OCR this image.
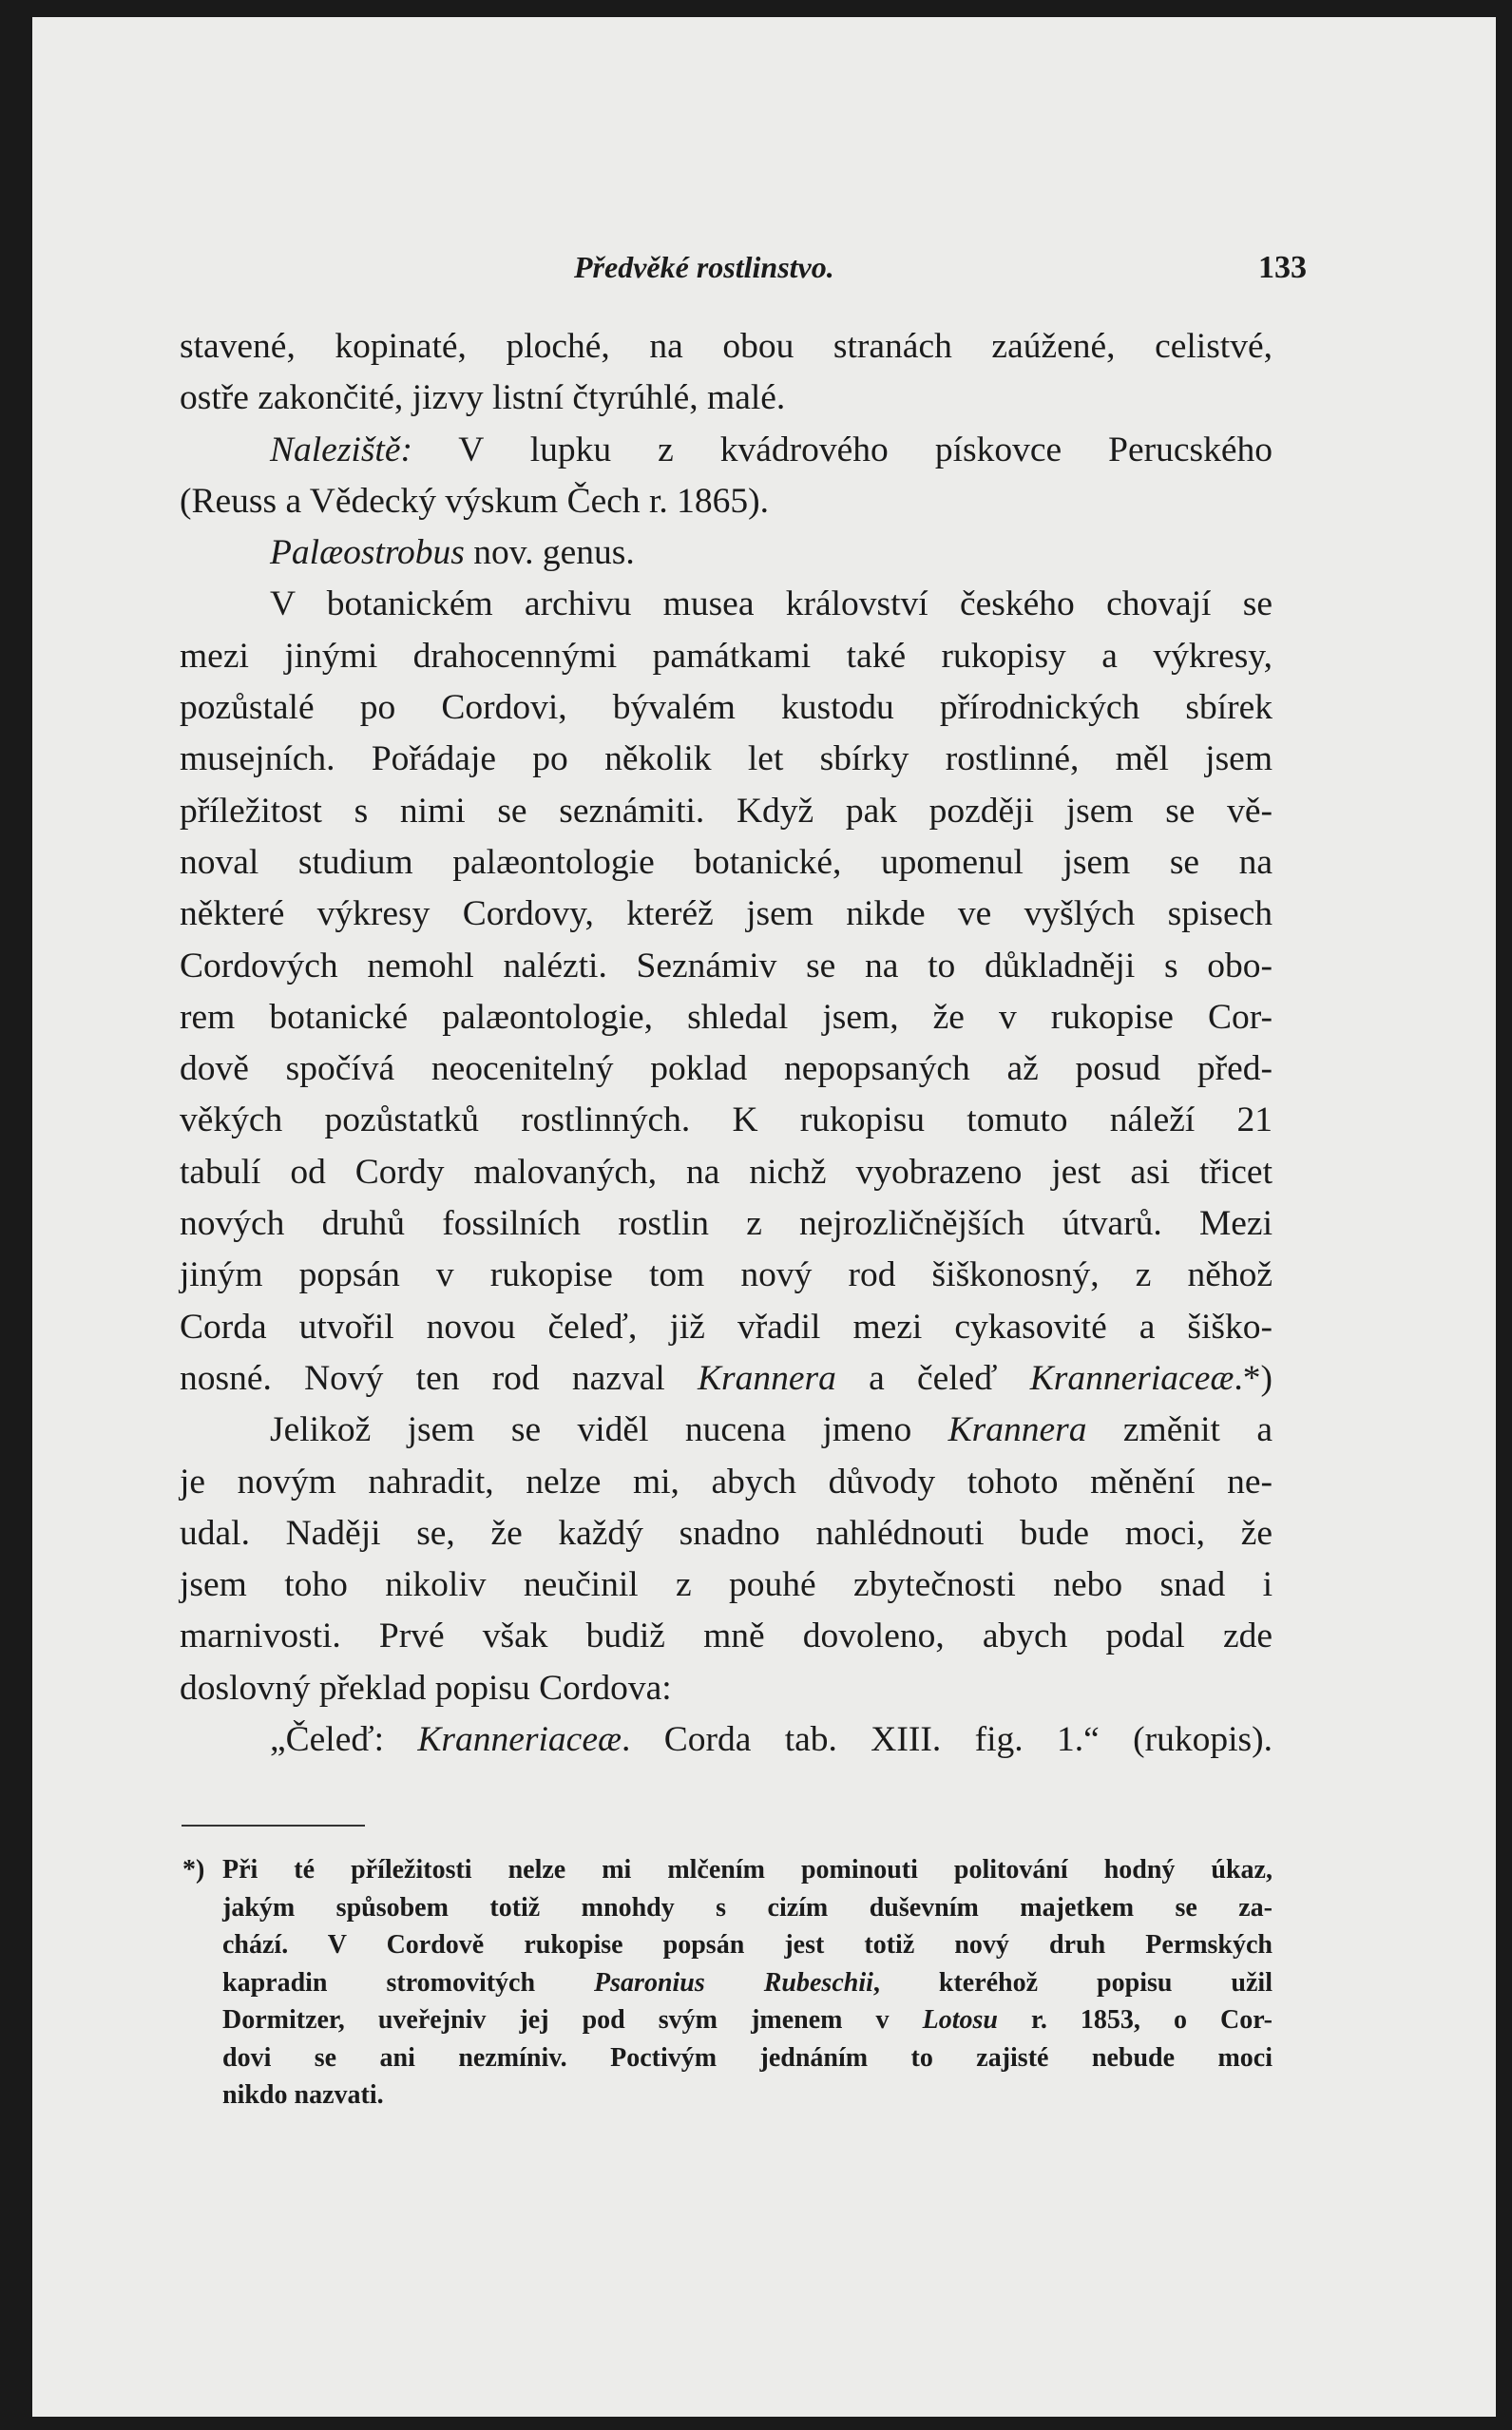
Předvěké rostlinstvo.	133
stavené, kopinaté, ploché, na obou stranách zaúžené, celistvé,
ostře zakončité, jizvy listní čtyrúhlé, malé.
Naleziště: V lupku z kvádrového pískovce Perucského
(Reuss a Vědecký výskum Čech r. 1865).
Palæostrobus nov. genus.
V botanickém archivu musea království českého chovají se
mezi jinými drahocennými památkami také rukopisy a výkresy,
pozůstalé po Cordovi, bývalém kustodu přírodnických sbírek
musejních. Pořádaje po několik let sbírky rostlinné, měl jsem
příležitost s nimi se seznámiti. Když pak později jsem se vě-
noval studium palæontologie botanické, upomenul jsem se na
některé výkresy Cordovy, kteréž jsem nikde ve vyšlých spisech
Cordových nemohl nalézti. Seznámiv se na to důkladněji s obo-
rem botanické palæontologie, shledal jsem, že v rukopise Cor-
dově spočívá neocenitelný poklad nepopsaných až posud před-
věkých pozůstatků rostlinných. K rukopisu tomuto náleží 21
tabulí od Cordy malovaných, na nichž vyobrazeno jest asi třicet
nových druhů fossilních rostlin z nejrozličnějších útvarů. Mezi
jiným popsán v rukopise tom nový rod šiškonosný, z něhož
Corda utvořil novou čeleď, již vřadil mezi cykasovité a šiško-
nosné. Nový ten rod nazval Krannera a čeleď Kranneriaceæ.*)
Jelikož jsem se viděl nucena jmeno Krannera změnit a
je novým nahradit, nelze mi, abych důvody tohoto měnění ne-
udal. Naději se, že každý snadno nahlédnouti bude moci, že
jsem toho nikoliv neučinil z pouhé zbytečnosti nebo snad i
marnivosti. Prvé však budiž mně dovoleno, abych podal zde
doslovný překlad popisu Cordova:
„Čeleď: Kranneriaceæ. Corda tab. XIII. fig. 1.“ (rukopis).
*) Při té příležitosti nelze mi mlčením pominouti politování hodný úkaz,
jakým spůsobem totiž mnohdy s cizím duševním majetkem se za-
chází. V Cordově rukopise popsán jest totiž nový druh Permských
kapradin stromovitých Psaronius Rubeschii, kteréhož popisu užil
Dormitzer, uveřejniv jej pod svým jmenem v Lotosu r. 1853, o Cor-
dovi se ani nezmíniv. Poctivým jednáním to zajisté nebude moci
nikdo nazvati.
